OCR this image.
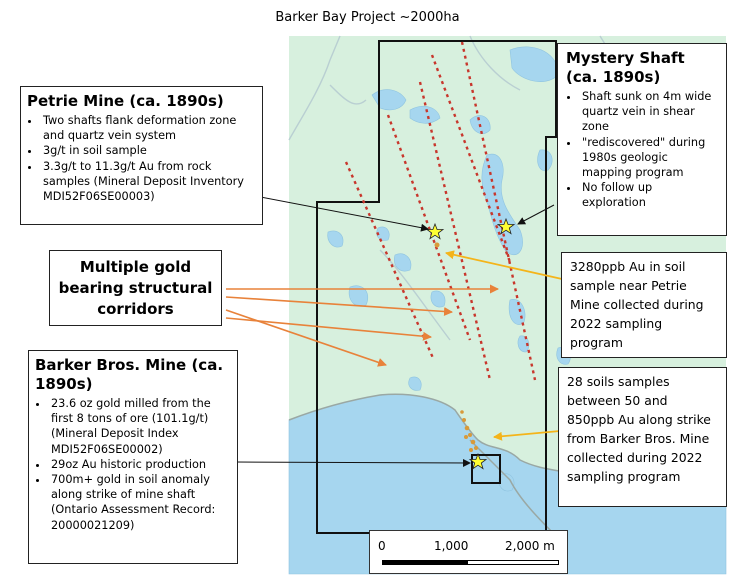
Barker Bay Project ~2000ha
Petrie Mine (ca. 1890s)
• Two shafts flank deformation zone and quartz vein system
• 3g/t in soil sample
• 3.3g/t to 11.3g/t Au from rock samples (Mineral Deposit Inventory MDI52F06SE00003)
Mystery Shaft (ca. 1890s)
• Shaft sunk on 4m wide quartz vein in shear zone
• "rediscovered" during 1980s geologic mapping program
• No follow up exploration
Multiple gold bearing structural corridors
3280ppb Au in soil sample near Petrie Mine collected during 2022 sampling program
Barker Bros. Mine (ca. 1890s)
• 23.6 oz gold milled from the first 8 tons of ore (101.1g/t) (Mineral Deposit Index MDI52F06SE00002)
• 29oz Au historic production
• 700m+ gold in soil anomaly along strike of mine shaft (Ontario Assessment Record: 20000021209)
28 soils samples between 50 and 850ppb Au along strike from Barker Bros. Mine collected during 2022 sampling program
0	1,000	2,000 m
